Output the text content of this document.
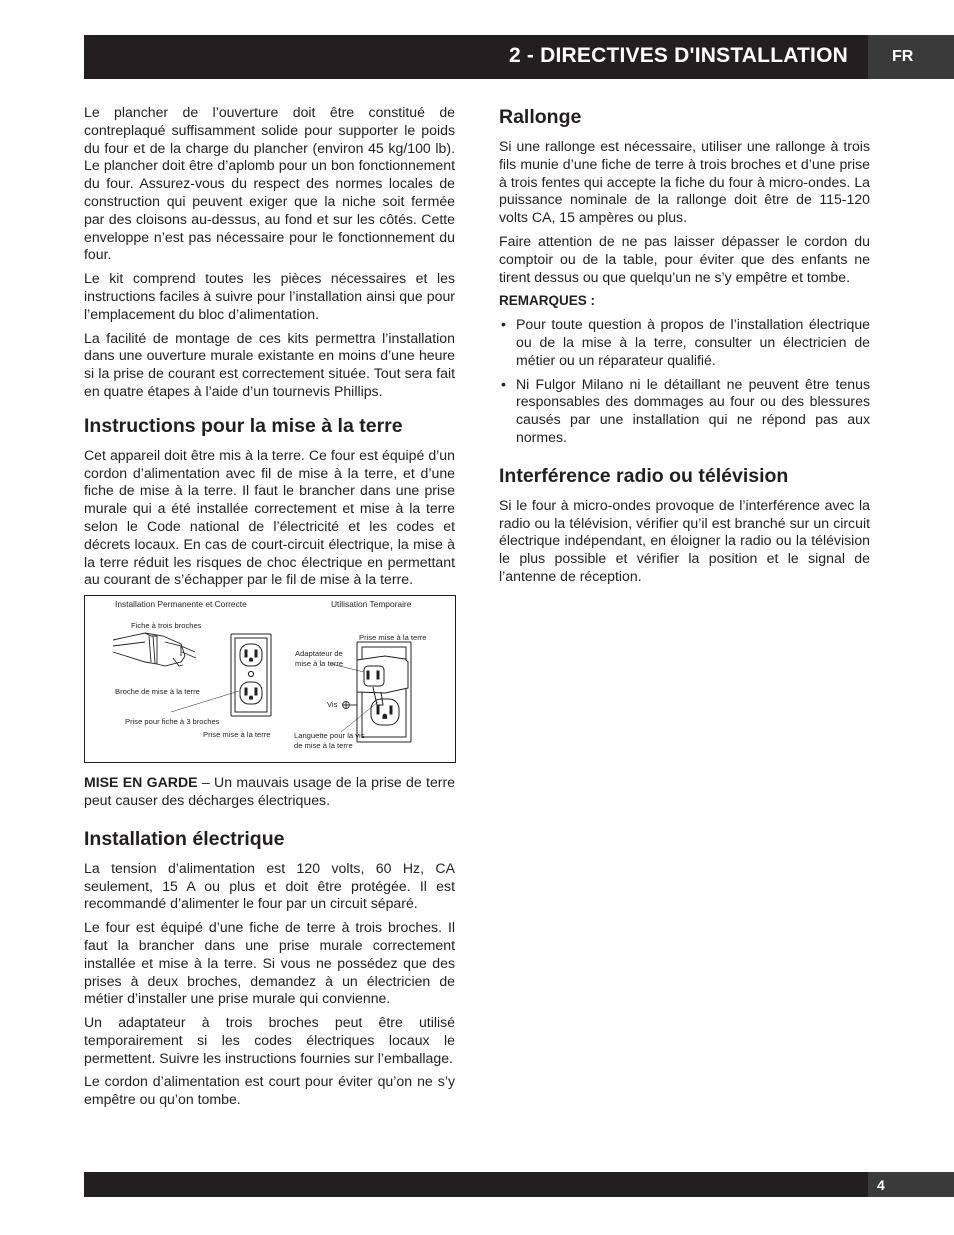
2 - DIRECTIVES D'INSTALLATION	FR

Le plancher de l’ouverture doit être constitué de contreplaqué suffisamment solide pour supporter le poids du four et de la charge du plancher (environ 45 kg/100 lb). Le plancher doit être d’aplomb pour un bon fonctionnement du four. Assurez-vous du respect des normes locales de construction qui peuvent exiger que la niche soit fermée par des cloisons au-dessus, au fond et sur les côtés. Cette enveloppe n’est pas nécessaire pour le fonctionnement du four.

Le kit comprend toutes les pièces nécessaires et les instructions faciles à suivre pour l’installation ainsi que pour l’emplacement du bloc d’alimentation.

La facilité de montage de ces kits permettra l’installation dans une ouverture murale existante en moins d’une heure si la prise de courant est correctement située. Tout sera fait en quatre étapes à l’aide d’un tournevis Phillips.

Instructions pour la mise à la terre

Cet appareil doit être mis à la terre. Ce four est équipé d’un cordon d’alimentation avec fil de mise à la terre, et d’une fiche de mise à la terre. Il faut le brancher dans une prise murale qui a été installée correctement et mise à la terre selon le Code national de l’électricité et les codes et décrets locaux. En cas de court-circuit électrique, la mise à la terre réduit les risques de choc électrique en permettant au courant de s’échapper par le fil de mise à la terre.

Installation Permanente et Correcte	Utilisation Temporaire
Fiche à trois broches
Broche de mise à la terre
Prise pour fiche à 3 broches
Prise mise à la terre
Prise mise à la terre
Adaptateur de
mise à la terre
Vis
Languette pour la vis
de mise à la terre

MISE EN GARDE – Un mauvais usage de la prise de terre peut causer des décharges électriques.

Installation électrique

La tension d’alimentation est 120 volts, 60 Hz, CA seulement, 15 A ou plus et doit être protégée. Il est recommandé d’alimenter le four par un circuit séparé.

Le four est équipé d’une fiche de terre à trois broches. Il faut la brancher dans une prise murale correctement installée et mise à la terre. Si vous ne possédez que des prises à deux broches, demandez à un électricien de métier d’installer une prise murale qui convienne.

Un adaptateur à trois broches peut être utilisé temporairement si les codes électriques locaux le permettent. Suivre les instructions fournies sur l’emballage.

Le cordon d’alimentation est court pour éviter qu’on ne s’y empêtre ou qu’on tombe.

Rallonge

Si une rallonge est nécessaire, utiliser une rallonge à trois fils munie d’une fiche de terre à trois broches et d’une prise à trois fentes qui accepte la fiche du four à micro-ondes. La puissance nominale de la rallonge doit être de 115-120 volts CA, 15 ampères ou plus.

Faire attention de ne pas laisser dépasser le cordon du comptoir ou de la table, pour éviter que des enfants ne tirent dessus ou que quelqu’un ne s’y empêtre et tombe.

REMARQUES :
• Pour toute question à propos de l’installation électrique ou de la mise à la terre, consulter un électricien de métier ou un réparateur qualifié.
• Ni Fulgor Milano ni le détaillant ne peuvent être tenus responsables des dommages au four ou des blessures causés par une installation qui ne répond pas aux normes.
Interférence radio ou télévision

Si le four à micro-ondes provoque de l’interférence avec la radio ou la télévision, vérifier qu’il est branché sur un circuit électrique indépendant, en éloigner la radio ou la télévision le plus possible et vérifier la position et le signal de l’antenne de réception.

4
